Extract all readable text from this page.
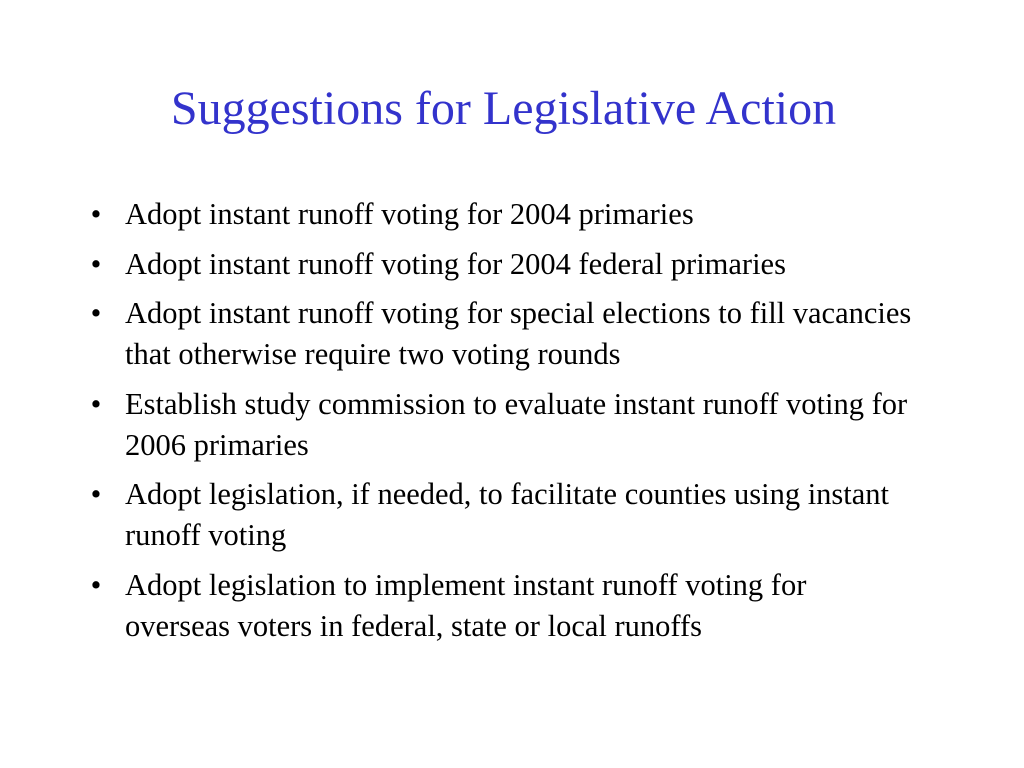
Suggestions for Legislative Action
• Adopt instant runoff voting for 2004 primaries
• Adopt instant runoff voting for 2004 federal primaries
• Adopt instant runoff voting for special elections to fill vacancies that otherwise require two voting rounds
• Establish study commission to evaluate instant runoff voting for 2006 primaries
• Adopt legislation, if needed, to facilitate counties using instant runoff voting
• Adopt legislation to implement instant runoff voting for overseas voters in federal, state or local runoffs
